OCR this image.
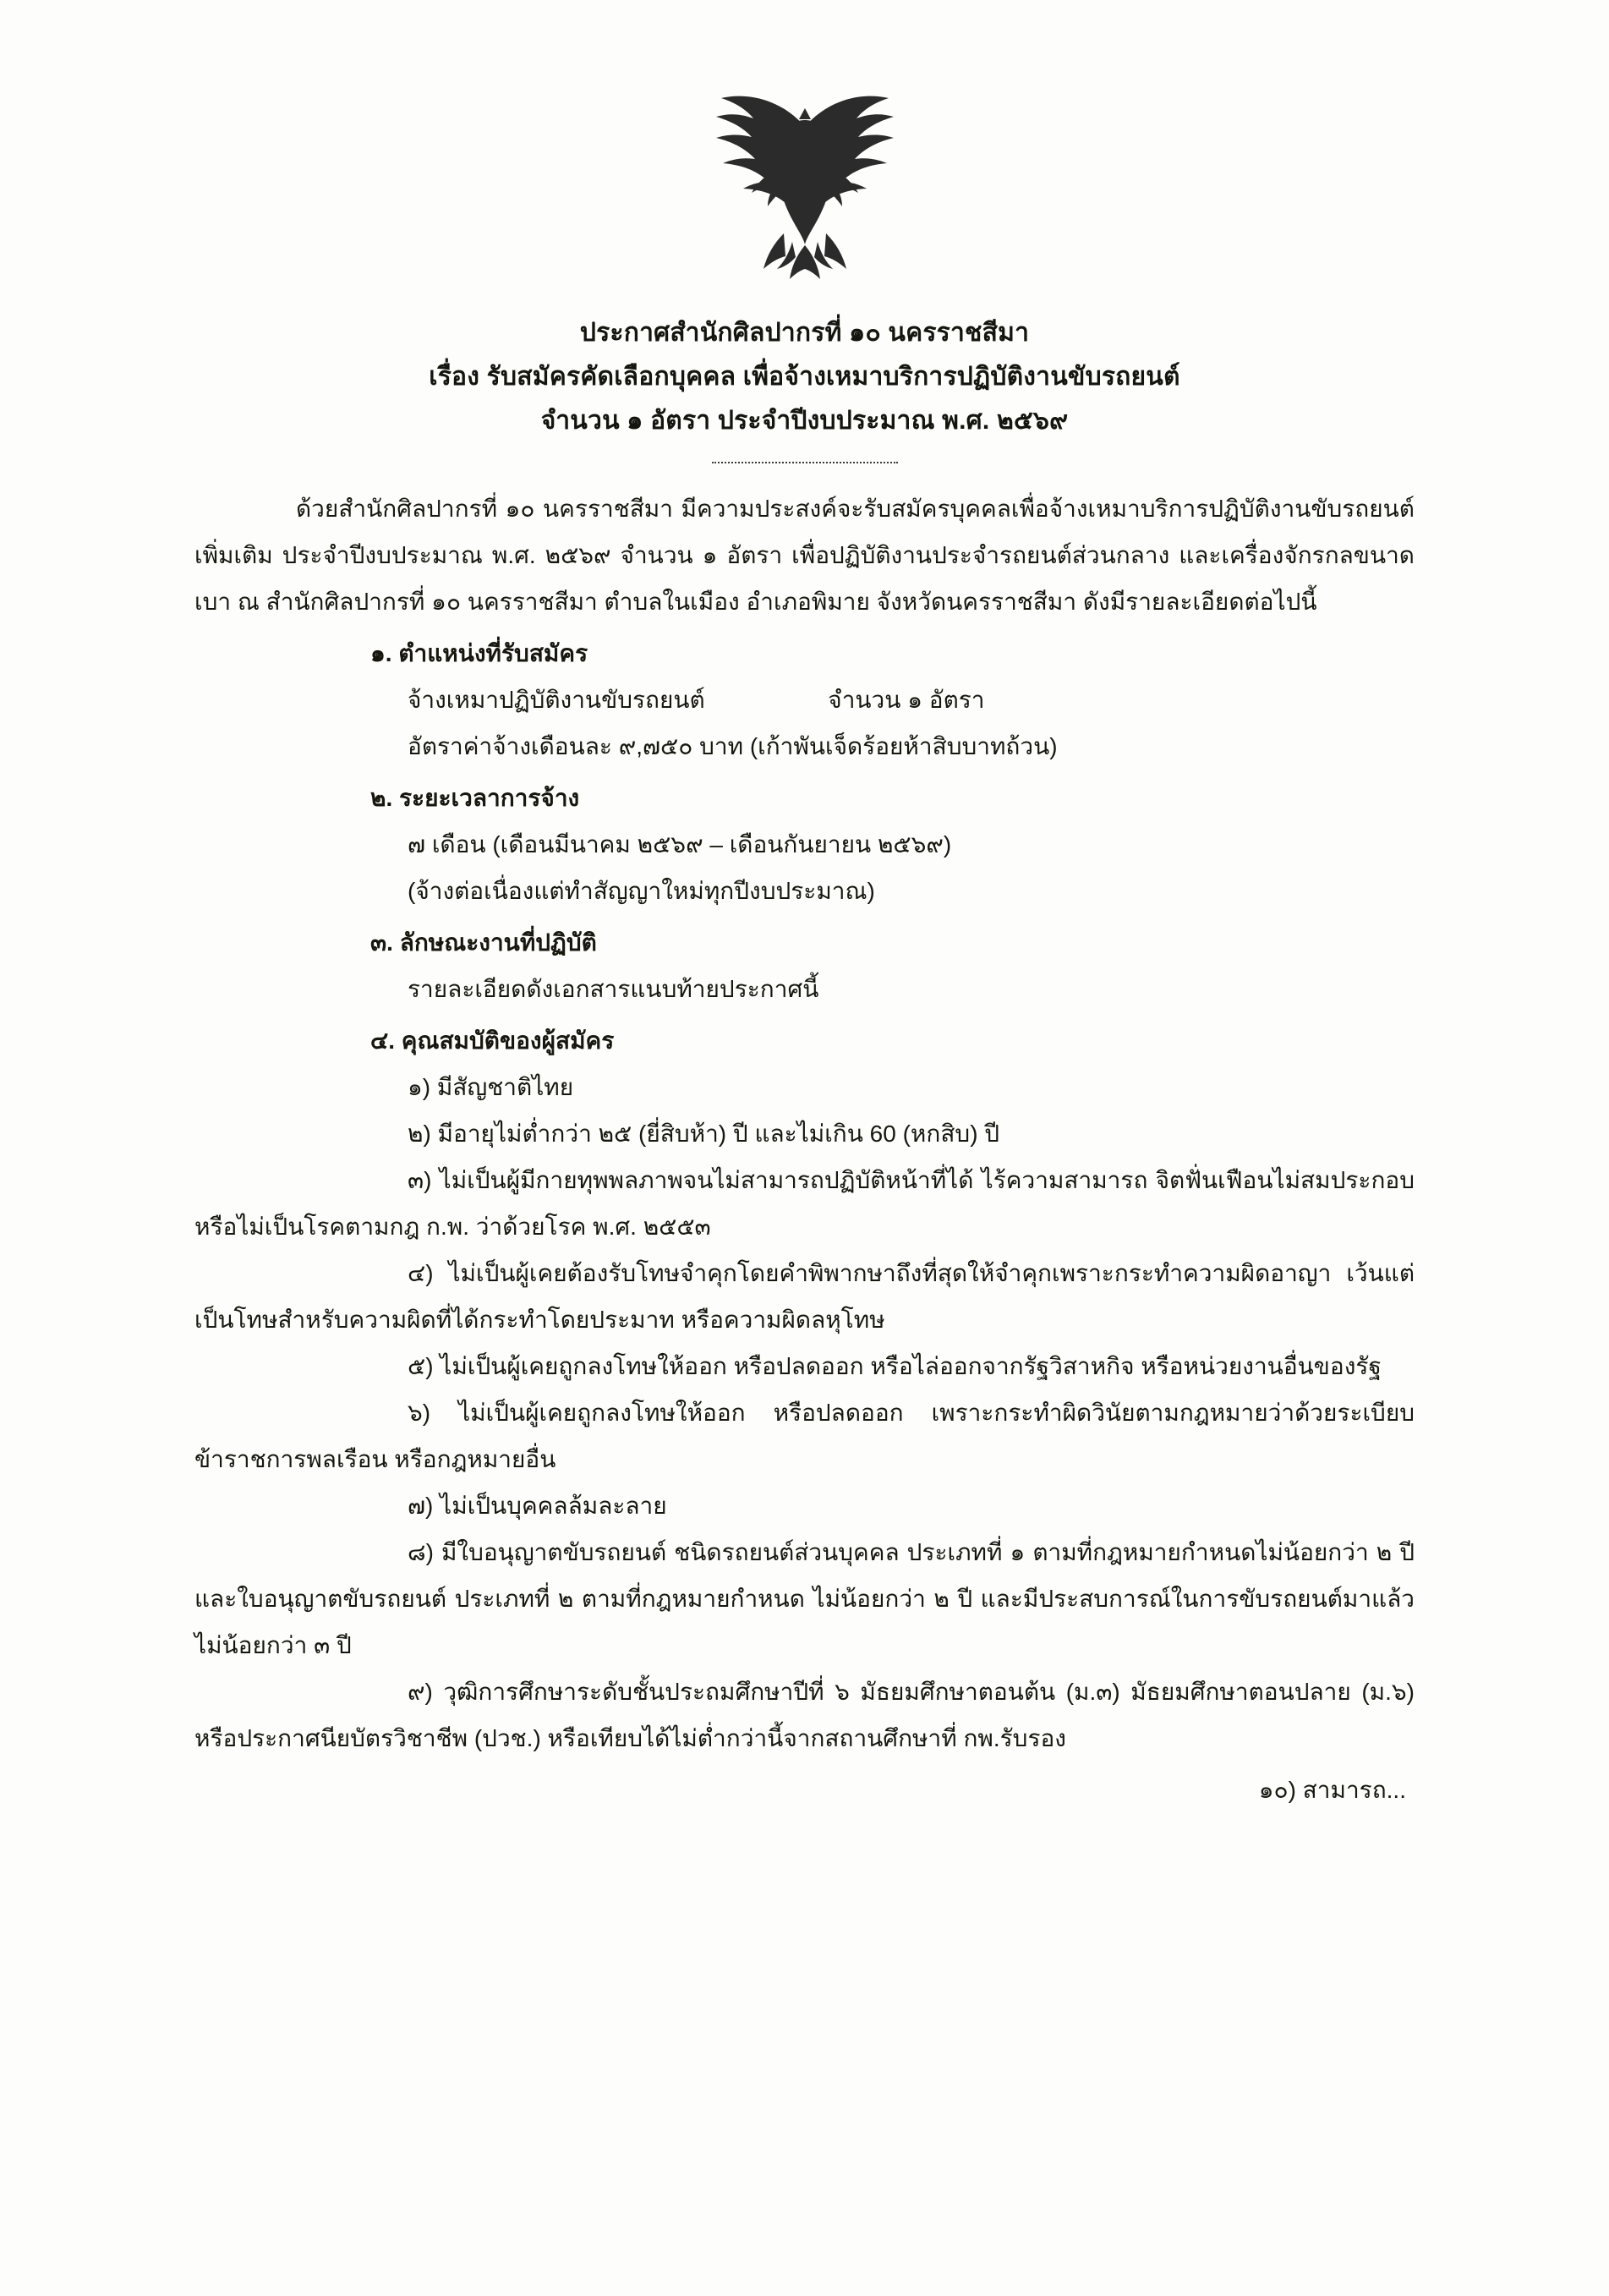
ประกาศสำนักศิลปากรที่ ๑๐ นครราชสีมา
เรื่อง รับสมัครคัดเลือกบุคคล เพื่อจ้างเหมาบริการปฏิบัติงานขับรถยนต์
จำนวน ๑ อัตรา ประจำปีงบประมาณ พ.ศ. ๒๕๖๙

ด้วยสำนักศิลปากรที่ ๑๐ นครราชสีมา มีความประสงค์จะรับสมัครบุคคลเพื่อจ้างเหมาบริการปฏิบัติงานขับรถยนต์ เพิ่มเติม ประจำปีงบประมาณ พ.ศ. ๒๕๖๙ จำนวน ๑ อัตรา เพื่อปฏิบัติงานประจำรถยนต์ส่วนกลาง และเครื่องจักรกลขนาดเบา ณ สำนักศิลปากรที่ ๑๐ นครราชสีมา ตำบลในเมือง อำเภอพิมาย จังหวัดนครราชสีมา ดังมีรายละเอียดต่อไปนี้

๑. ตำแหน่งที่รับสมัคร

จ้างเหมาปฏิบัติงานขับรถยนต์	จำนวน ๑ อัตรา

อัตราค่าจ้างเดือนละ ๙,๗๕๐ บาท (เก้าพันเจ็ดร้อยห้าสิบบาทถ้วน)

๒. ระยะเวลาการจ้าง

๗ เดือน (เดือนมีนาคม ๒๕๖๙ – เดือนกันยายน ๒๕๖๙)

(จ้างต่อเนื่องแต่ทำสัญญาใหม่ทุกปีงบประมาณ)

๓. ลักษณะงานที่ปฏิบัติ

รายละเอียดดังเอกสารแนบท้ายประกาศนี้

๔. คุณสมบัติของผู้สมัคร

๑) มีสัญชาติไทย

๒) มีอายุไม่ต่ำกว่า ๒๕ (ยี่สิบห้า) ปี และไม่เกิน 60 (หกสิบ) ปี

๓) ไม่เป็นผู้มีกายทุพพลภาพจนไม่สามารถปฏิบัติหน้าที่ได้ ไร้ความสามารถ จิตฟั่นเฟือนไม่สมประกอบ หรือไม่เป็นโรคตามกฎ ก.พ. ว่าด้วยโรค พ.ศ. ๒๕๕๓

๔) ไม่เป็นผู้เคยต้องรับโทษจำคุกโดยคำพิพากษาถึงที่สุดให้จำคุกเพราะกระทำความผิดอาญา เว้นแต่เป็นโทษสำหรับความผิดที่ได้กระทำโดยประมาท หรือความผิดลหุโทษ

๕) ไม่เป็นผู้เคยถูกลงโทษให้ออก หรือปลดออก หรือไล่ออกจากรัฐวิสาหกิจ หรือหน่วยงานอื่นของรัฐ

๖) ไม่เป็นผู้เคยถูกลงโทษให้ออก หรือปลดออก เพราะกระทำผิดวินัยตามกฎหมายว่าด้วยระเบียบข้าราชการพลเรือน หรือกฎหมายอื่น

๗) ไม่เป็นบุคคลล้มละลาย

๘) มีใบอนุญาตขับรถยนต์ ชนิดรถยนต์ส่วนบุคคล ประเภทที่ ๑ ตามที่กฎหมายกำหนดไม่น้อยกว่า ๒ ปี และใบอนุญาตขับรถยนต์ ประเภทที่ ๒ ตามที่กฎหมายกำหนด ไม่น้อยกว่า ๒ ปี และมีประสบการณ์ในการขับรถยนต์มาแล้วไม่น้อยกว่า ๓ ปี

๙) วุฒิการศึกษาระดับชั้นประถมศึกษาปีที่ ๖ มัธยมศึกษาตอนต้น (ม.๓) มัธยมศึกษาตอนปลาย (ม.๖) หรือประกาศนียบัตรวิชาชีพ (ปวช.) หรือเทียบได้ไม่ต่ำกว่านี้จากสถานศึกษาที่ กพ.รับรอง

๑๐) สามารถ...
